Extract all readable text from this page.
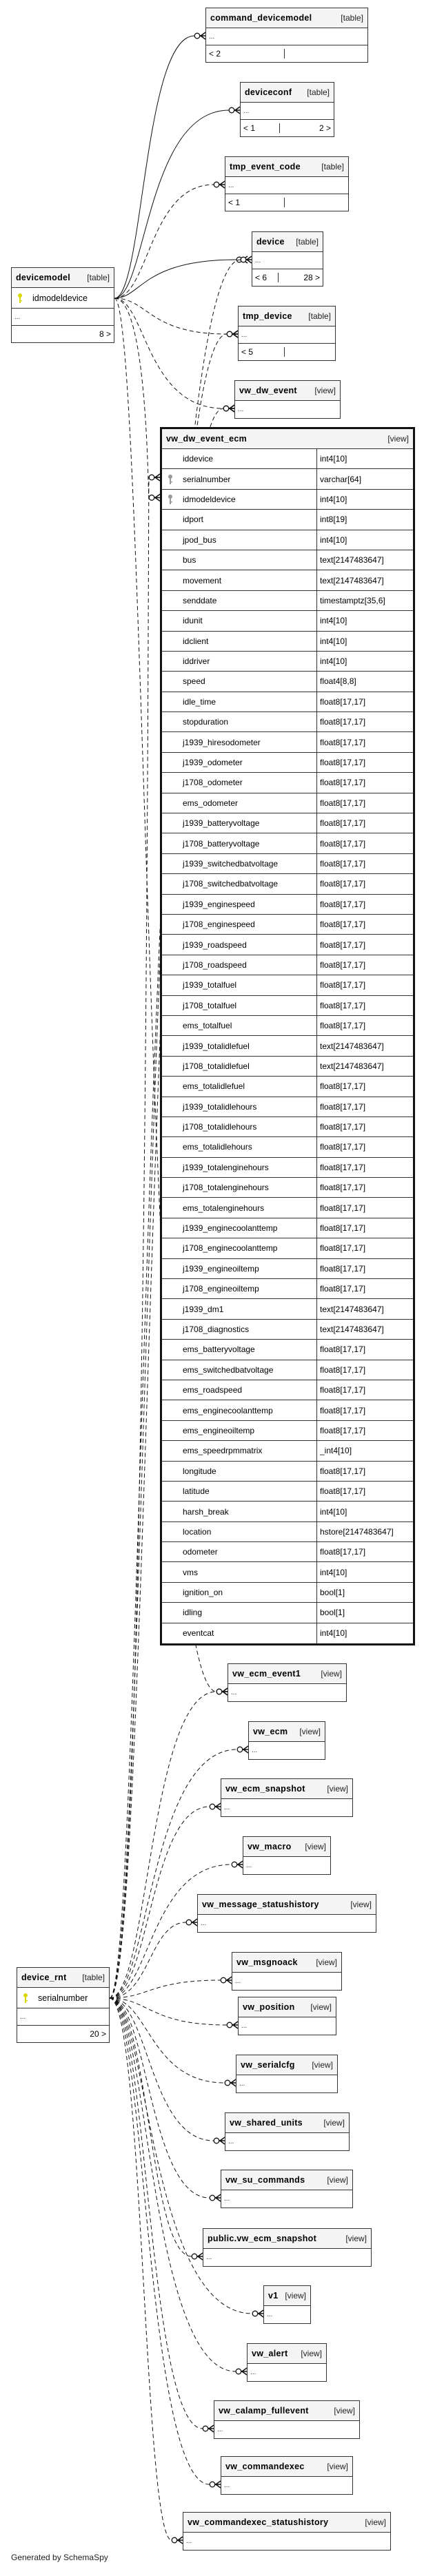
command_devicemodel	[table]
...
< 2
deviceconf [table]
...
< 1	2 >
tmp_event_code	[table]
...
< 1
device [table]
...
< 6	28 >
tmp_device [table]
...
< 5
devicemodel [table]
idmodeldevice
...
8 >
vw_dw_event [view]
...
vw_ecm_event1 [view]
...
vw_ecm [view]
...
vw_ecm_snapshot	[view]
...
vw_macro [view]
...
vw_message_statushistory	[view]
...
vw_msgnoack [view]
...
device_rnt [table]
serialnumber
...
20 >
vw_position [view]
...
vw_serialcfg [view]
...
vw_shared_units	[view]
...
vw_su_commands	[view]
...
public.vw_ecm_snapshot	[view]
...
v1 [view]
...
vw_alert [view]
...
vw_calamp_fullevent	[view]
...
vw_commandexec	[view]
...
vw_commandexec_statushistory	[view]
...
vw_dw_event_ecm	[view]
iddevice	int4[10]
serialnumber	varchar[64]
idmodeldevice	int4[10]
idport	int8[19]
jpod_bus	int4[10]
bus	text[2147483647]
movement	text[2147483647]
senddate	timestamptz[35,6]
idunit	int4[10]
idclient	int4[10]
iddriver	int4[10]
speed	float4[8,8]
idle_time	float8[17,17]
stopduration	float8[17,17]
j1939_hiresodometer	float8[17,17]
j1939_odometer	float8[17,17]
j1708_odometer	float8[17,17]
ems_odometer	float8[17,17]
j1939_batteryvoltage	float8[17,17]
j1708_batteryvoltage	float8[17,17]
j1939_switchedbatvoltage	float8[17,17]
j1708_switchedbatvoltage	float8[17,17]
j1939_enginespeed	float8[17,17]
j1708_enginespeed	float8[17,17]
j1939_roadspeed	float8[17,17]
j1708_roadspeed	float8[17,17]
j1939_totalfuel	float8[17,17]
j1708_totalfuel	float8[17,17]
ems_totalfuel	float8[17,17]
j1939_totalidlefuel	text[2147483647]
j1708_totalidlefuel	text[2147483647]
ems_totalidlefuel	float8[17,17]
j1939_totalidlehours	float8[17,17]
j1708_totalidlehours	float8[17,17]
ems_totalidlehours	float8[17,17]
j1939_totalenginehours	float8[17,17]
j1708_totalenginehours	float8[17,17]
ems_totalenginehours	float8[17,17]
j1939_enginecoolanttemp	float8[17,17]
j1708_enginecoolanttemp	float8[17,17]
j1939_engineoiltemp	float8[17,17]
j1708_engineoiltemp	float8[17,17]
j1939_dm1	text[2147483647]
j1708_diagnostics	text[2147483647]
ems_batteryvoltage	float8[17,17]
ems_switchedbatvoltage	float8[17,17]
ems_roadspeed	float8[17,17]
ems_enginecoolanttemp	float8[17,17]
ems_engineoiltemp	float8[17,17]
ems_speedrpmmatrix	_int4[10]
longitude	float8[17,17]
latitude	float8[17,17]
harsh_break	int4[10]
location	hstore[2147483647]
odometer	float8[17,17]
vms	int4[10]
ignition_on	bool[1]
idling	bool[1]
eventcat	int4[10]
Generated by SchemaSpy
